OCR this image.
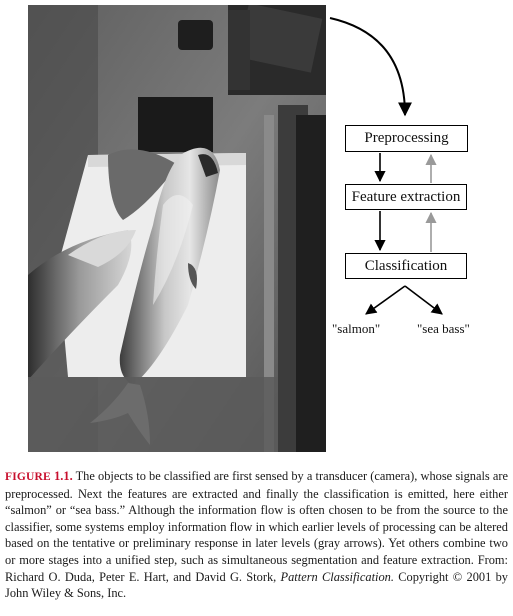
Preprocessing
Feature extraction
Classification
"salmon"	"sea bass"
FIGURE 1.1. The objects to be classified are first sensed by a transducer (camera), whose signals are preprocessed. Next the features are extracted and finally the classification is emitted, here either “salmon” or “sea bass.” Although the information flow is often chosen to be from the source to the classifier, some systems employ information flow in which earlier levels of processing can be altered based on the tentative or preliminary response in later levels (gray arrows). Yet others combine two or more stages into a unified step, such as simultaneous segmentation and feature extraction. From: Richard O. Duda, Peter E. Hart, and David G. Stork, Pattern Classification. Copyright © 2001 by John Wiley & Sons, Inc.
